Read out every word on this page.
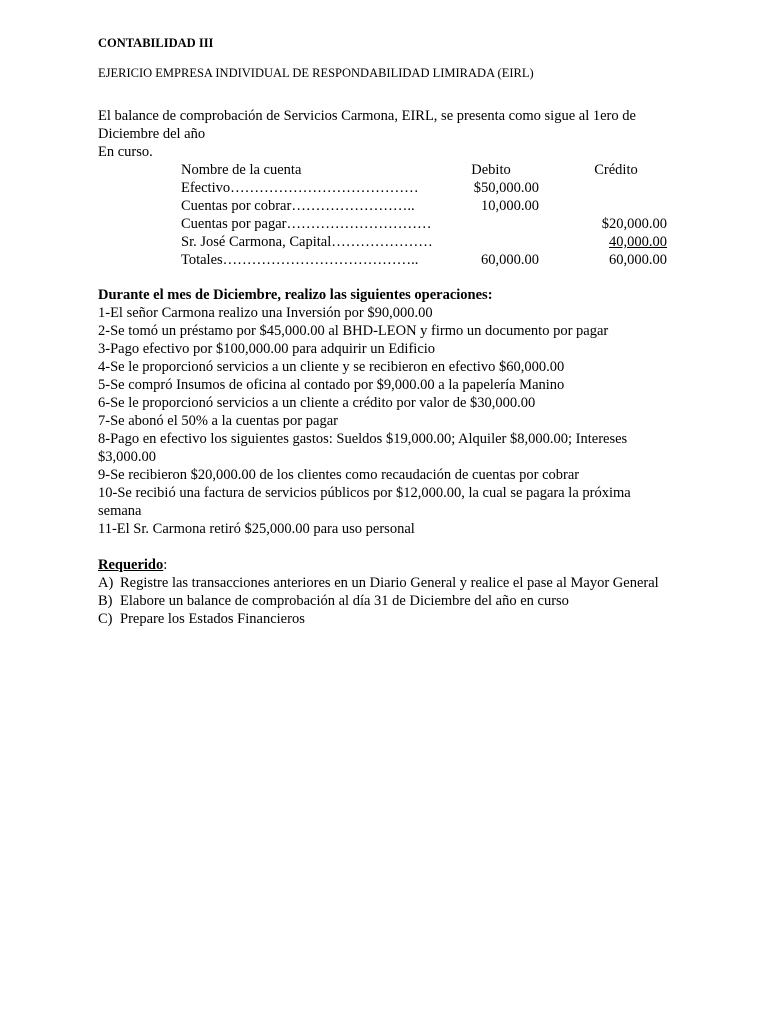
CONTABILIDAD III
EJERICIO EMPRESA INDIVIDUAL DE RESPONDABILIDAD LIMIRADA (EIRL)
El balance de comprobación de Servicios Carmona, EIRL, se presenta como sigue al 1ero de Diciembre del año
En curso.
Nombre de la cuenta	Debito	Crédito
Efectivo…………………………………	$50,000.00	
Cuentas por cobrar……………………..	10,000.00	
Cuentas por pagar…………………………		$20,000.00
Sr. José Carmona, Capital…………………		40,000.00
Totales…………………………………..	60,000.00	60,000.00
Durante el mes de Diciembre, realizo las siguientes operaciones:
1-El señor Carmona realizo una Inversión por $90,000.00
2-Se tomó un préstamo por $45,000.00 al BHD-LEON y firmo un documento por pagar
3-Pago efectivo por $100,000.00 para adquirir un Edificio
4-Se le proporcionó servicios a un cliente y se recibieron en efectivo $60,000.00
5-Se compró Insumos de oficina al contado por $9,000.00 a la papelería Manino
6-Se le proporcionó servicios a un cliente a crédito por valor de $30,000.00
7-Se abonó el 50% a la cuentas por pagar
8-Pago en efectivo los siguientes gastos: Sueldos $19,000.00; Alquiler $8,000.00; Intereses $3,000.00
9-Se recibieron $20,000.00 de los clientes como recaudación de cuentas por cobrar
10-Se recibió una factura de servicios públicos por $12,000.00, la cual se pagara la próxima semana
11-El Sr. Carmona retiró $25,000.00 para uso personal
Requerido:
A) Registre las transacciones anteriores en un Diario General y realice el pase al Mayor General
B) Elabore un balance de comprobación al día 31 de Diciembre del año en curso
C) Prepare los Estados Financieros
